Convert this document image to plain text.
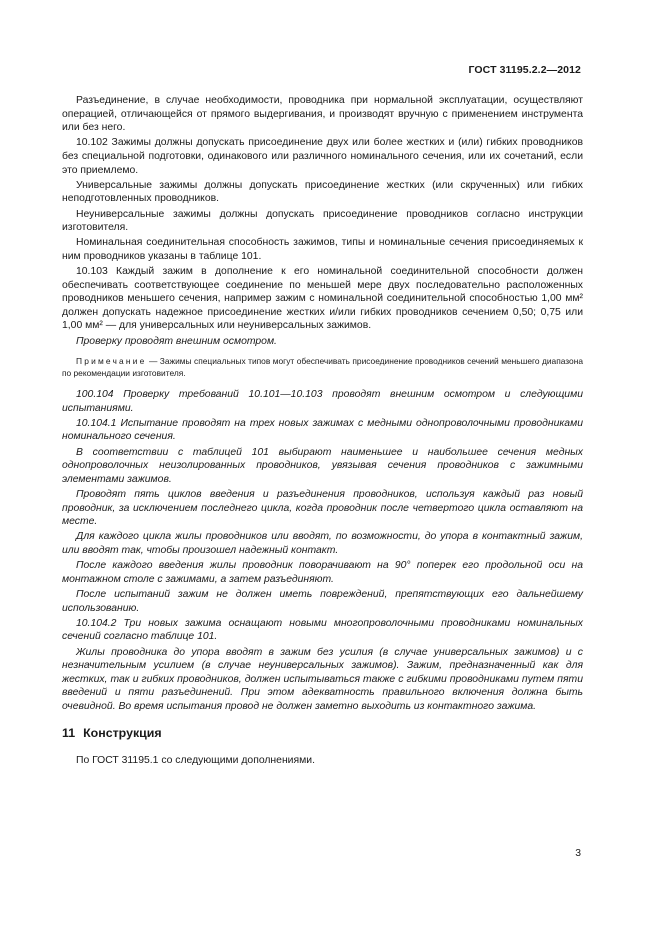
ГОСТ 31195.2.2—2012

Разъединение, в случае необходимости, проводника при нормальной эксплуатации, осуществляют операцией, отличающейся от прямого выдергивания, и производят вручную с применением инструмента или без него.

10.102 Зажимы должны допускать присоединение двух или более жестких и (или) гибких проводников без специальной подготовки, одинакового или различного номинального сечения, или их сочетаний, если это приемлемо.

Универсальные зажимы должны допускать присоединение жестких (или скрученных) или гибких неподготовленных проводников.

Неуниверсальные зажимы должны допускать присоединение проводников согласно инструкции изготовителя.

Номинальная соединительная способность зажимов, типы и номинальные сечения присоединяемых к ним проводников указаны в таблице 101.

10.103 Каждый зажим в дополнение к его номинальной соединительной способности должен обеспечивать соответствующее соединение по меньшей мере двух последовательно расположенных проводников меньшего сечения, например зажим с номинальной соединительной способностью 1,00 мм² должен допускать надежное присоединение жестких и/или гибких проводников сечением 0,50; 0,75 или 1,00 мм² — для универсальных или неуниверсальных зажимов.

Проверку проводят внешним осмотром.

Примечание — Зажимы специальных типов могут обеспечивать присоединение проводников сечений меньшего диапазона по рекомендации изготовителя.

100.104 Проверку требований 10.101—10.103 проводят внешним осмотром и следующими испытаниями.

10.104.1 Испытание проводят на трех новых зажимах с медными однопроволочными проводниками номинального сечения.

В соответствии с таблицей 101 выбирают наименьшее и наибольшее сечения медных однопроволочных неизолированных проводников, увязывая сечения проводников с зажимными элементами зажимов.

Проводят пять циклов введения и разъединения проводников, используя каждый раз новый проводник, за исключением последнего цикла, когда проводник после четвертого цикла оставляют на месте.

Для каждого цикла жилы проводников или вводят, по возможности, до упора в контактный зажим, или вводят так, чтобы произошел надежный контакт.

После каждого введения жилы проводник поворачивают на 90° поперек его продольной оси на монтажном столе с зажимами, а затем разъединяют.

После испытаний зажим не должен иметь повреждений, препятствующих его дальнейшему использованию.

10.104.2 Три новых зажима оснащают новыми многопроволочными проводниками номинальных сечений согласно таблице 101.

Жилы проводника до упора вводят в зажим без усилия (в случае универсальных зажимов) и с незначительным усилием (в случае неуниверсальных зажимов). Зажим, предназначенный как для жестких, так и гибких проводников, должен испытываться также с гибкими проводниками путем пяти введений и пяти разъединений. При этом адекватность правильного включения должна быть очевидной. Во время испытания провод не должен заметно выходить из контактного зажима.

11 Конструкция

По ГОСТ 31195.1 со следующими дополнениями.

3
